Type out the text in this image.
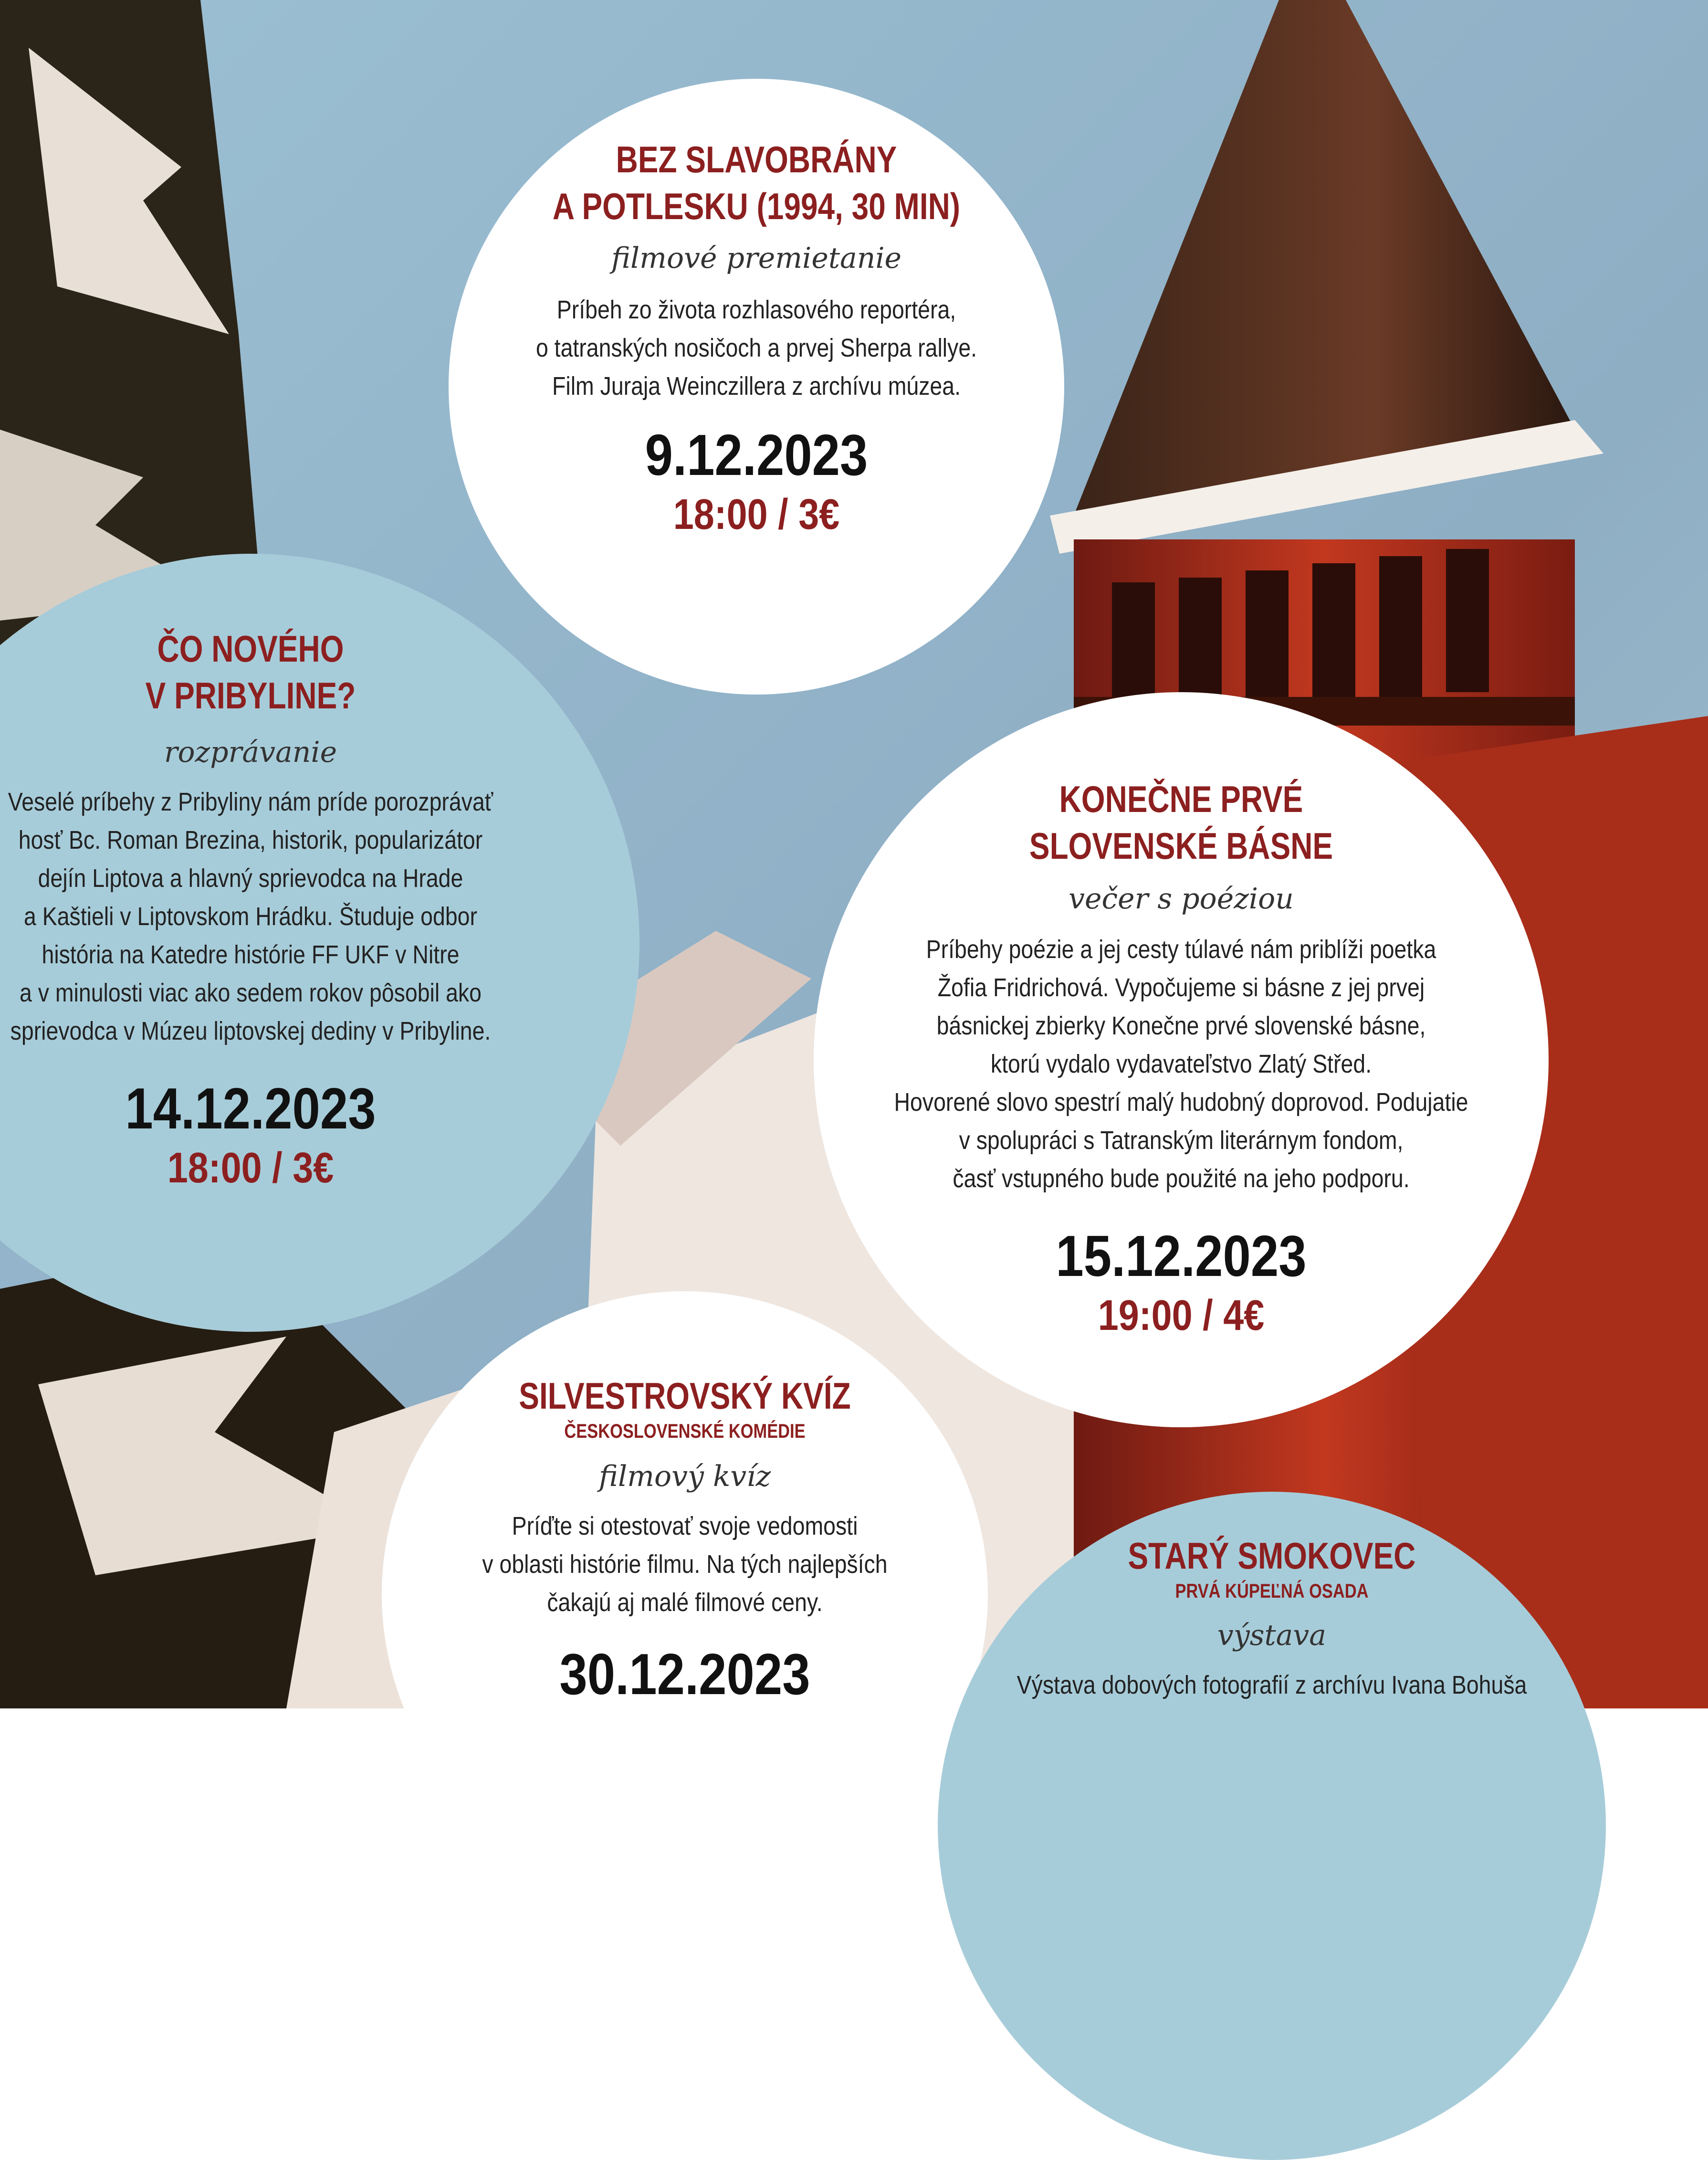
BEZ SLAVOBRÁNY
A POTLESKU (1994, 30 MIN)

filmové premietanie

Príbeh zo života rozhlasového reportéra,
o tatranských nosičoch a prvej Sherpa rallye.
Film Juraja Weinczillera z archívu múzea.

9.12.2023

18:00 / 3€

ČO NOVÉHO
V PRIBYLINE?

rozprávanie

Veselé príbehy z Pribyliny nám príde porozprávať
hosť Bc. Roman Brezina, historik, popularizátor
dejín Liptova a hlavný sprievodca na Hrade
a Kaštieli v Liptovskom Hrádku. Študuje odbor
história na Katedre histórie FF UKF v Nitre
a v minulosti viac ako sedem rokov pôsobil ako
sprievodca v Múzeu liptovskej dediny v Pribyline.

14.12.2023

18:00 / 3€

KONEČNE PRVÉ
SLOVENSKÉ BÁSNE

večer s poéziou

Príbehy poézie a jej cesty túlavé nám priblíži poetka
Žofia Fridrichová. Vypočujeme si básne z jej prvej
básnickej zbierky Konečne prvé slovenské básne,
ktorú vydalo vydavateľstvo Zlatý Střed.
Hovorené slovo spestrí malý hudobný doprovod. Podujatie
v spolupráci s Tatranským literárnym fondom,
časť vstupného bude použité na jeho podporu.

15.12.2023

19:00 / 4€

SILVESTROVSKÝ KVÍZ

ČESKOSLOVENSKÉ KOMÉDIE

filmový kvíz

Príďte si otestovať svoje vedomosti
v oblasti histórie filmu. Na tých najlepších
čakajú aj malé filmové ceny.

30.12.2023

STARÝ SMOKOVEC

PRVÁ KÚPEĽNÁ OSADA

výstava

Výstava dobových fotografií z archívu Ivana Bohuša
